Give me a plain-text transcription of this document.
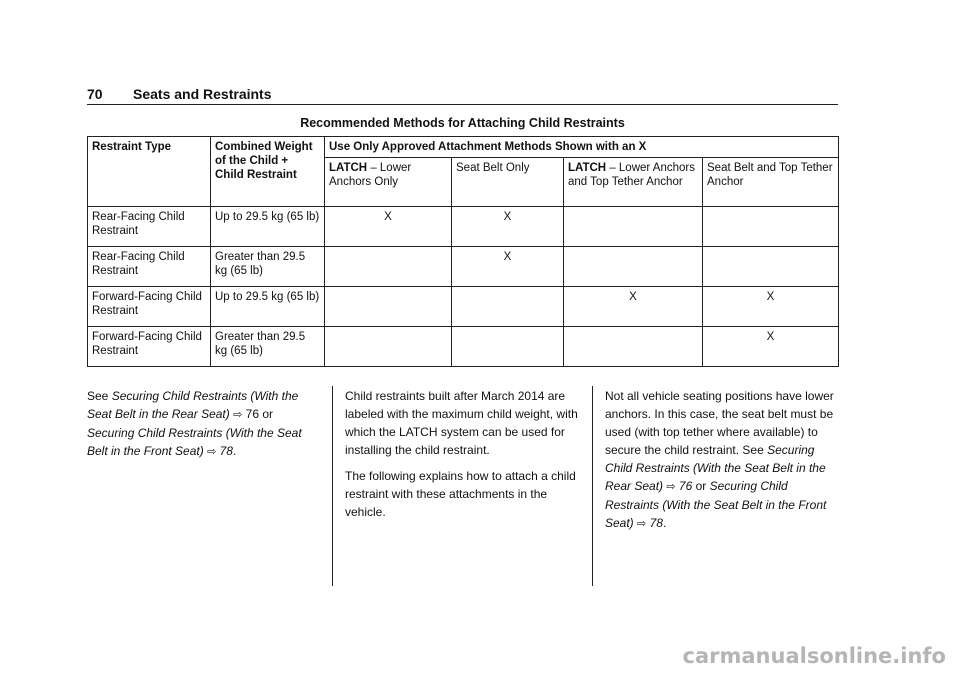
70 Seats and Restraints
Recommended Methods for Attaching Child Restraints
Restraint Type	Combined Weight of the Child + Child Restraint	Use Only Approved Attachment Methods Shown with an X			
		LATCH – Lower Anchors Only	Seat Belt Only	LATCH – Lower Anchors and Top Tether Anchor	Seat Belt and Top Tether Anchor
Rear-Facing Child Restraint	Up to 29.5 kg (65 lb)	X	X		
Rear-Facing Child Restraint	Greater than 29.5 kg (65 lb)		X		
Forward-Facing Child Restraint	Up to 29.5 kg (65 lb)			X	X
Forward-Facing Child Restraint	Greater than 29.5 kg (65 lb)				X

See Securing Child Restraints (With the Seat Belt in the Rear Seat) ⇨ 76 or
Securing Child Restraints (With the Seat Belt in the Front Seat) ⇨ 78.

Child restraints built after March 2014 are labeled with the maximum child weight, with which the LATCH system can be used for installing the child restraint.

The following explains how to attach a child restraint with these attachments in the vehicle.

Not all vehicle seating positions have lower anchors. In this case, the seat belt must be used (with top tether where available) to secure the child restraint. See Securing Child Restraints (With the Seat Belt in the Rear Seat) ⇨ 76 or Securing Child Restraints (With the Seat Belt in the Front Seat) ⇨ 78.

carmanualsonline.info
